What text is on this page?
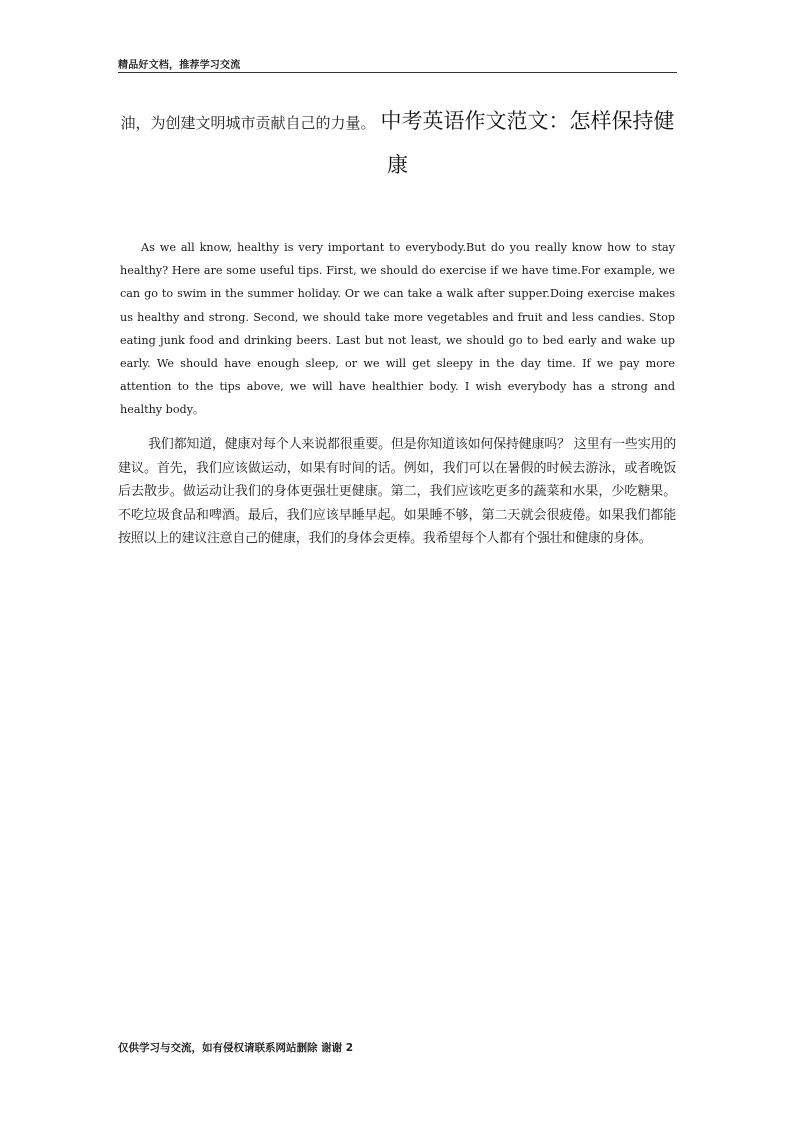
精品好文档，推荐学习交流
油，为创建文明城市贡献自己的力量。 中考英语作文范文：怎样保持健康

As we all know, healthy is very important to everybody.But do you really know how to stay healthy? Here are some useful tips. First, we should do exercise if we have time.For example, we can go to swim in the summer holiday. Or we can take a walk after supper.Doing exercise makes us healthy and strong. Second, we should take more vegetables and fruit and less candies. Stop eating junk food and drinking beers. Last but not least, we should go to bed early and wake up early. We should have enough sleep, or we will get sleepy in the day time. If we pay more attention to the tips above, we will have healthier body. I wish everybody has a strong and healthy body。

我们都知道，健康对每个人来说都很重要。但是你知道该如何保持健康吗？ 这里有一些实用的建议。首先，我们应该做运动，如果有时间的话。例如，我们可以在暑假的时候去游泳，或者晚饭后去散步。做运动让我们的身体更强壮更健康。第二，我们应该吃更多的蔬菜和水果，少吃糖果。不吃垃圾食品和啤酒。最后，我们应该早睡早起。如果睡不够，第二天就会很疲倦。如果我们都能按照以上的建议注意自己的健康，我们的身体会更棒。我希望每个人都有个强壮和健康的身体。

仅供学习与交流，如有侵权请联系网站删除 谢谢 2
